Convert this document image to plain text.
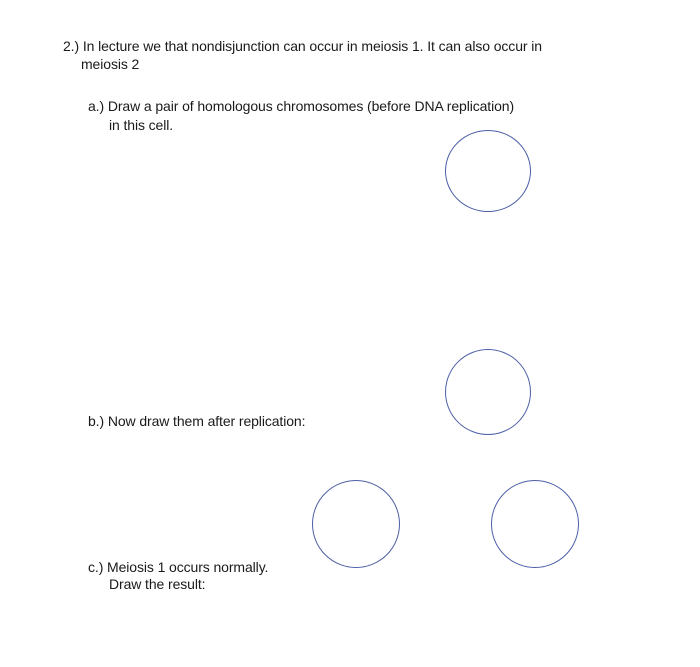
2.) In lecture we that nondisjunction can occur in meiosis 1. It can also occur in
meiosis 2
a.) Draw a pair of homologous chromosomes (before DNA replication)
in this cell.
b.) Now draw them after replication:
c.) Meiosis 1 occurs normally.
Draw the result:
